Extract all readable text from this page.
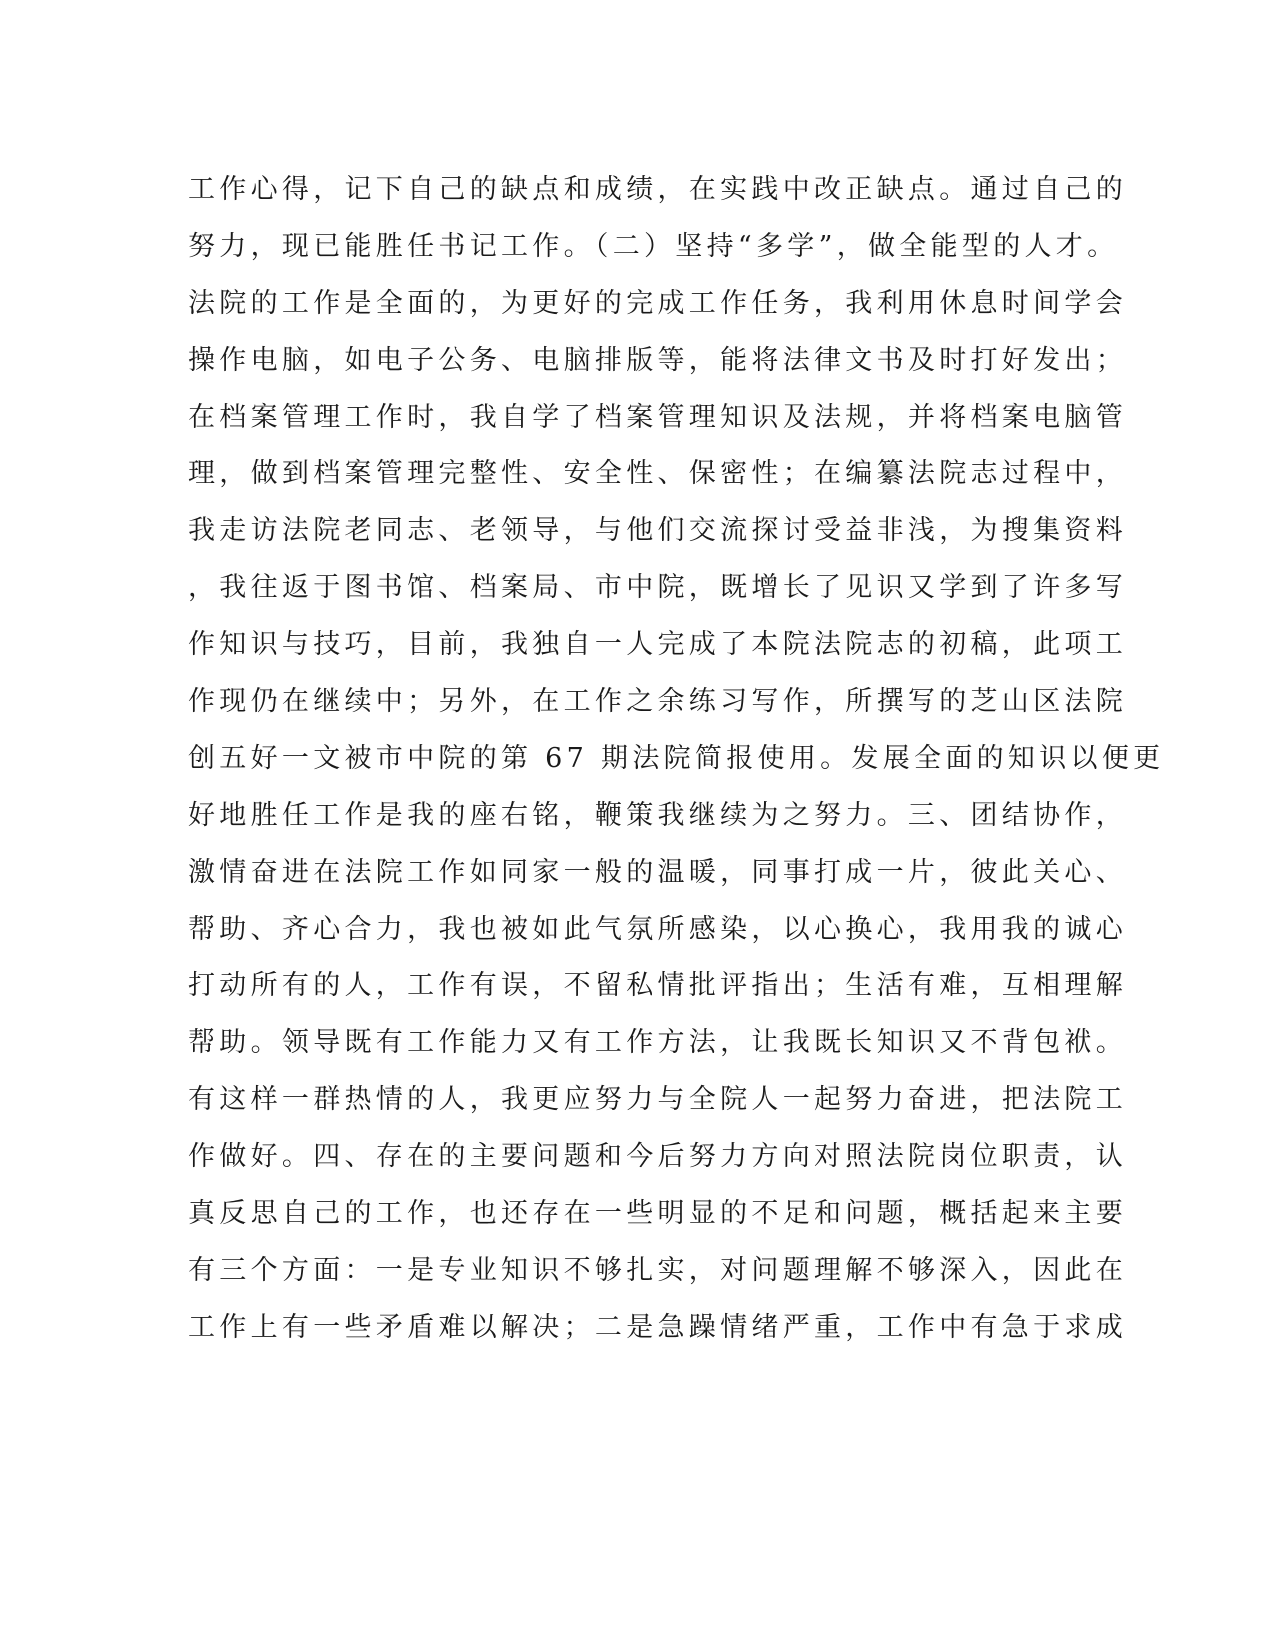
工作心得，记下自己的缺点和成绩，在实践中改正缺点。通过自己的
努力，现已能胜任书记工作。（二）坚持“多学”，做全能型的人才。
法院的工作是全面的，为更好的完成工作任务，我利用休息时间学会
操作电脑，如电子公务、电脑排版等，能将法律文书及时打好发出；
在档案管理工作时，我自学了档案管理知识及法规，并将档案电脑管
理，做到档案管理完整性、安全性、保密性；在编纂法院志过程中，
我走访法院老同志、老领导，与他们交流探讨受益非浅，为搜集资料
，我往返于图书馆、档案局、市中院，既增长了见识又学到了许多写
作知识与技巧，目前，我独自一人完成了本院法院志的初稿，此项工
作现仍在继续中；另外，在工作之余练习写作，所撰写的芝山区法院
创五好一文被市中院的第 67 期法院简报使用。发展全面的知识以便更
好地胜任工作是我的座右铭，鞭策我继续为之努力。三、团结协作，
激情奋进在法院工作如同家一般的温暖，同事打成一片，彼此关心、
帮助、齐心合力，我也被如此气氛所感染，以心换心，我用我的诚心
打动所有的人，工作有误，不留私情批评指出；生活有难，互相理解
帮助。领导既有工作能力又有工作方法，让我既长知识又不背包袱。
有这样一群热情的人，我更应努力与全院人一起努力奋进，把法院工
作做好。四、存在的主要问题和今后努力方向对照法院岗位职责，认
真反思自己的工作，也还存在一些明显的不足和问题，概括起来主要
有三个方面：一是专业知识不够扎实，对问题理解不够深入，因此在
工作上有一些矛盾难以解决；二是急躁情绪严重，工作中有急于求成
